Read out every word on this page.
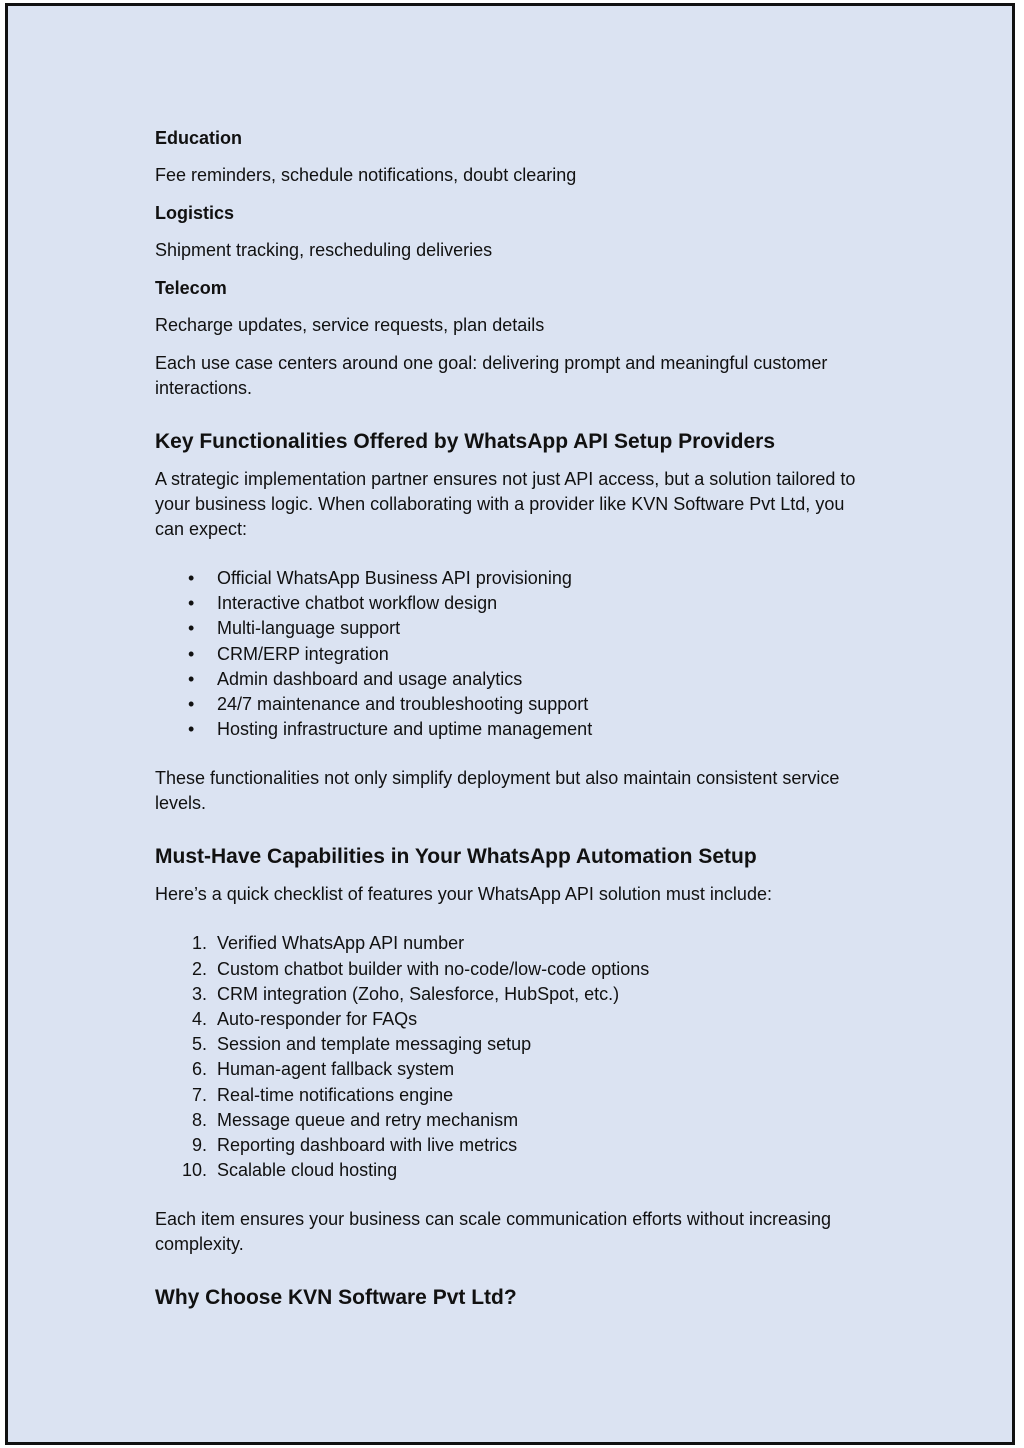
Education

Fee reminders, schedule notifications, doubt clearing

Logistics

Shipment tracking, rescheduling deliveries

Telecom

Recharge updates, service requests, plan details

Each use case centers around one goal: delivering prompt and meaningful customer interactions.

Key Functionalities Offered by WhatsApp API Setup Providers

A strategic implementation partner ensures not just API access, but a solution tailored to your business logic. When collaborating with a provider like KVN Software Pvt Ltd, you can expect:

• Official WhatsApp Business API provisioning
• Interactive chatbot workflow design
• Multi-language support
• CRM/ERP integration
• Admin dashboard and usage analytics
• 24/7 maintenance and troubleshooting support
• Hosting infrastructure and uptime management

These functionalities not only simplify deployment but also maintain consistent service levels.

Must-Have Capabilities in Your WhatsApp Automation Setup

Here’s a quick checklist of features your WhatsApp API solution must include:

1. Verified WhatsApp API number
2. Custom chatbot builder with no-code/low-code options
3. CRM integration (Zoho, Salesforce, HubSpot, etc.)
4. Auto-responder for FAQs
5. Session and template messaging setup
6. Human-agent fallback system
7. Real-time notifications engine
8. Message queue and retry mechanism
9. Reporting dashboard with live metrics
10. Scalable cloud hosting

Each item ensures your business can scale communication efforts without increasing complexity.

Why Choose KVN Software Pvt Ltd?
